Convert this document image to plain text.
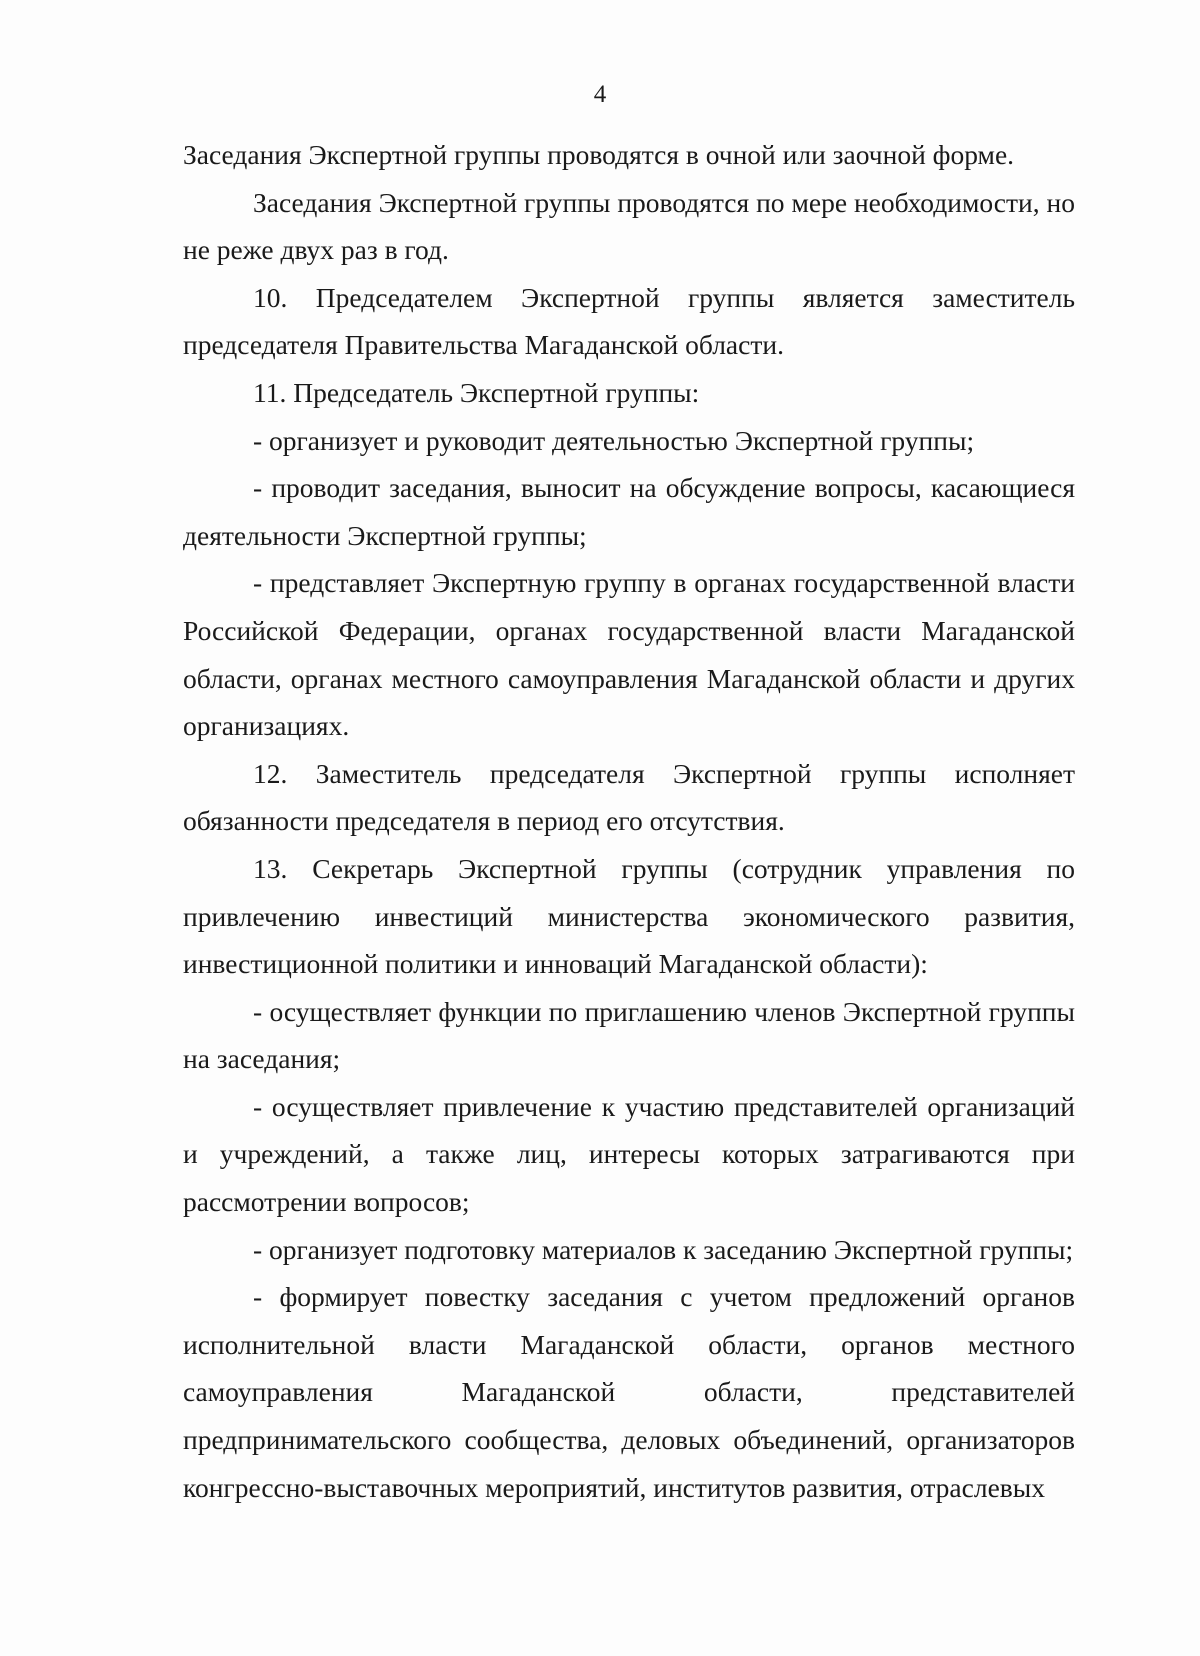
4

Заседания Экспертной группы проводятся в очной или заочной форме.

Заседания Экспертной группы проводятся по мере необходимости, но не реже двух раз в год.

10. Председателем Экспертной группы является заместитель председателя Правительства Магаданской области.

11. Председатель Экспертной группы:

- организует и руководит деятельностью Экспертной группы;

- проводит заседания, выносит на обсуждение вопросы, касающиеся деятельности Экспертной группы;

- представляет Экспертную группу в органах государственной власти Российской Федерации, органах государственной власти Магаданской области, органах местного самоуправления Магаданской области и других организациях.

12. Заместитель председателя Экспертной группы исполняет обязанности председателя в период его отсутствия.

13. Секретарь Экспертной группы (сотрудник управления по привлечению инвестиций министерства экономического развития, инвестиционной политики и инноваций Магаданской области):

- осуществляет функции по приглашению членов Экспертной группы на заседания;

- осуществляет привлечение к участию представителей организаций и учреждений, а также лиц, интересы которых затрагиваются при рассмотрении вопросов;

- организует подготовку материалов к заседанию Экспертной группы;

- формирует повестку заседания с учетом предложений органов исполнительной власти Магаданской области, органов местного самоуправления Магаданской области, представителей предпринимательского сообщества, деловых объединений, организаторов конгрессно-выставочных мероприятий, институтов развития, отраслевых
